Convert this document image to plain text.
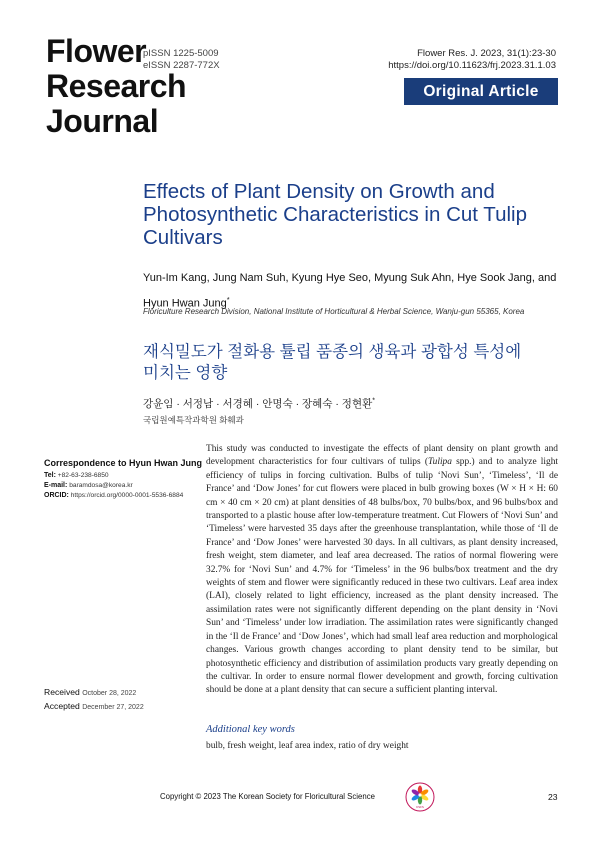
Flower
Research
Journal
pISSN 1225-5009
eISSN 2287-772X
Flower Res. J. 2023, 31(1):23-30
https://doi.org/10.11623/frj.2023.31.1.03
Original Article
Effects of Plant Density on Growth and
Photosynthetic Characteristics in Cut Tulip
Cultivars
Yun-Im Kang, Jung Nam Suh, Kyung Hye Seo, Myung Suk Ahn, Hye Sook Jang, and
Hyun Hwan Jung*
Floriculture Research Division, National Institute of Horticultural & Herbal Science, Wanju-gun 55365, Korea
재식밀도가 절화용 튤립 품종의 생육과 광합성 특성에
미치는 영향
강윤임 · 서정남 · 서경혜 · 안명숙 · 장혜숙 · 정현환*
국립원예특작과학원 화훼과
Correspondence to Hyun Hwan Jung
Tel: +82-63-238-6850
E-mail: baramdosa@korea.kr
ORCID: https://orcid.org/0000-0001-5536-6884
Received October 28, 2022
Accepted December 27, 2022
This study was conducted to investigate the effects of plant density on plant growth and development characteristics for four cultivars of tulips (Tulipa spp.) and to analyze light efficiency of tulips in forcing cultivation. Bulbs of tulip ‘Novi Sun’, ‘Timeless’, ‘Il de France’ and ‘Dow Jones’ for cut flowers were placed in bulb growing boxes (W × H × H: 60 cm × 40 cm × 20 cm) at plant densities of 48 bulbs/box, 70 bulbs/box, and 96 bulbs/box and transported to a plastic house after low-temperature treatment. Cut Flowers of ‘Novi Sun’ and ‘Timeless’ were harvested 35 days after the greenhouse transplantation, while those of ‘Il de France’ and ‘Dow Jones’ were harvested 30 days. In all cultivars, as plant density increased, fresh weight, stem diameter, and leaf area decreased. The ratios of normal flowering were 32.7% for ‘Novi Sun’ and 4.7% for ‘Timeless’ in the 96 bulbs/box treatment and the dry weights of stem and flower were significantly reduced in these two cultivars. Leaf area index (LAI), closely related to light efficiency, increased as the plant density increased. The assimilation rates were not significantly different depending on the plant density in ‘Novi Sun’ and ‘Timeless’ under low irradiation. The assimilation rates were significantly changed in the ‘Il de France’ and ‘Dow Jones’, which had small leaf area reduction and morphological changes. Various growth changes according to plant density tend to be similar, but photosynthetic efficiency and distribution of assimilation products vary greatly depending on the cultivar. In order to ensure normal flower development and growth, forcing cultivation should be done at a plant density that can secure a sufficient planting interval.
Additional key words
bulb, fresh weight, leaf area index, ratio of dry weight
Copyright © 2023 The Korean Society for Floricultural Science
KSFS
23
